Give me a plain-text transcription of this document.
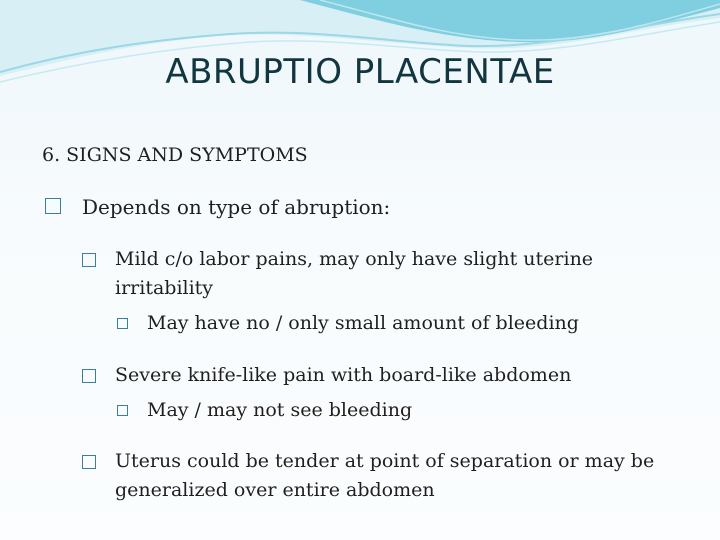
ABRUPTIO PLACENTAE
6. SIGNS AND SYMPTOMS
Depends on type of abruption:
Mild c/o labor pains, may only have slight uterine
irritability
May have no / only small amount of bleeding
Severe knife-like pain with board-like abdomen
May / may not see bleeding
Uterus could be tender at point of separation or may be
generalized over entire abdomen
